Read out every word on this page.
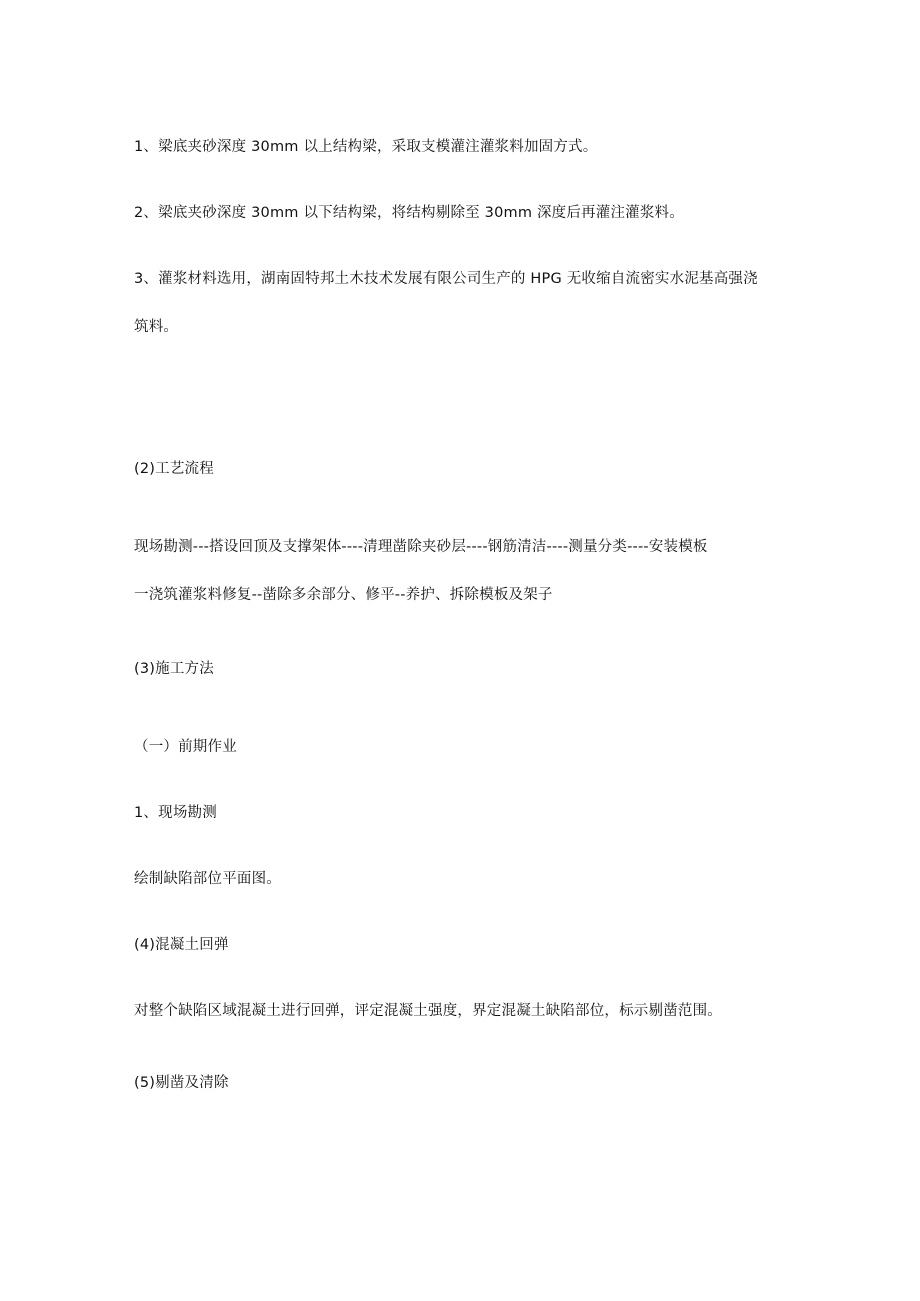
1、梁底夹砂深度 30mm 以上结构梁，采取支模灌注灌浆料加固方式。
2、梁底夹砂深度 30mm 以下结构梁，将结构剔除至 30mm 深度后再灌注灌浆料。
3、灌浆材料选用，湖南固特邦土木技术发展有限公司生产的 HPG 无收缩自流密实水泥基高强浇
筑料。
(2)工艺流程
现场勘测---搭设回顶及支撑架体----清理凿除夹砂层----钢筋清洁----测量分类----安装模板
一浇筑灌浆料修复--凿除多余部分、修平--养护、拆除模板及架子
(3)施工方法
（一）前期作业
1、现场勘测
绘制缺陷部位平面图。
(4)混凝土回弹
对整个缺陷区域混凝土进行回弹，评定混凝土强度，界定混凝土缺陷部位，标示剔凿范围。
(5)剔凿及清除
